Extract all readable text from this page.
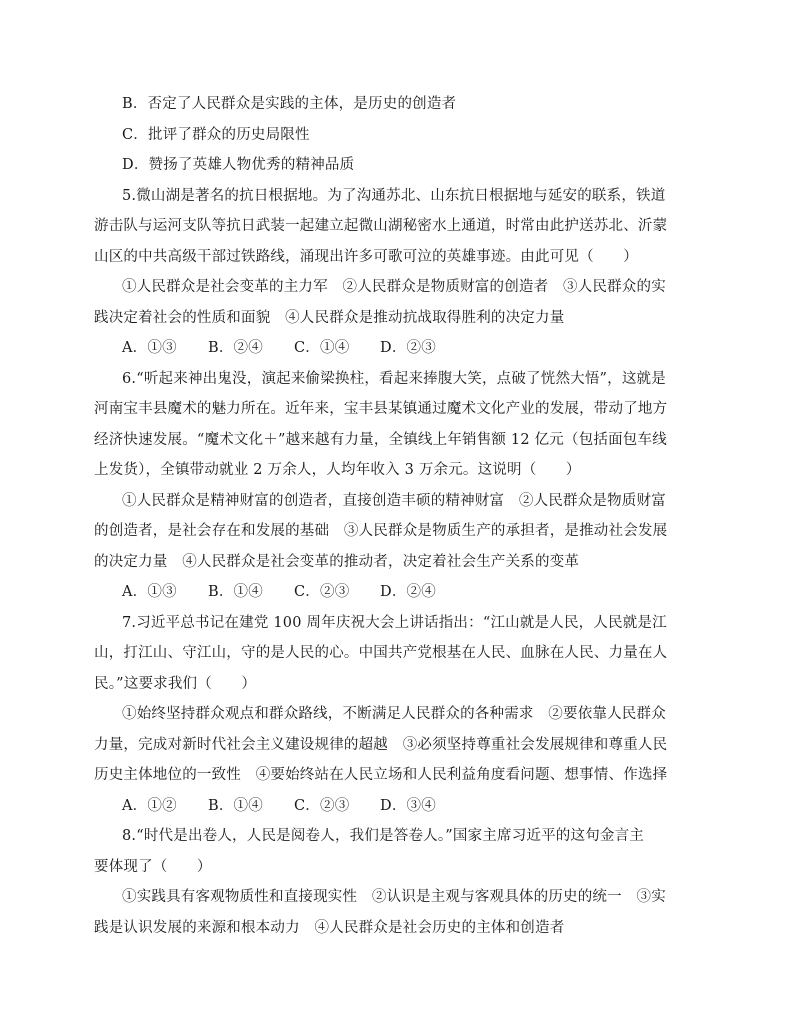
B．否定了人民群众是实践的主体，是历史的创造者
C．批评了群众的历史局限性
D．赞扬了英雄人物优秀的精神品质
5.微山湖是著名的抗日根据地。为了沟通苏北、山东抗日根据地与延安的联系，铁道
游击队与运河支队等抗日武装一起建立起微山湖秘密水上通道，时常由此护送苏北、沂蒙
山区的中共高级干部过铁路线，涌现出许多可歌可泣的英雄事迹。由此可见（　　）
①人民群众是社会变革的主力军　②人民群众是物质财富的创造者　③人民群众的实
践决定着社会的性质和面貌　④人民群众是推动抗战取得胜利的决定力量
A．①③	B．②④	C．①④	D．②③
6.“听起来神出鬼没，演起来偷梁换柱，看起来捧腹大笑，点破了恍然大悟”，这就是
河南宝丰县魔术的魅力所在。近年来，宝丰县某镇通过魔术文化产业的发展，带动了地方
经济快速发展。“魔术文化＋”越来越有力量，全镇线上年销售额 12 亿元（包括面包车线
上发货），全镇带动就业 2 万余人，人均年收入 3 万余元。这说明（　　）
①人民群众是精神财富的创造者，直接创造丰硕的精神财富　②人民群众是物质财富
的创造者，是社会存在和发展的基础　③人民群众是物质生产的承担者，是推动社会发展
的决定力量　④人民群众是社会变革的推动者，决定着社会生产关系的变革
A．①③	B．①④	C．②③	D．②④
7.习近平总书记在建党 100 周年庆祝大会上讲话指出：“江山就是人民，人民就是江
山，打江山、守江山，守的是人民的心。中国共产党根基在人民、血脉在人民、力量在人
民。”这要求我们（　　）
①始终坚持群众观点和群众路线，不断满足人民群众的各种需求　②要依靠人民群众
力量，完成对新时代社会主义建设规律的超越　③必须坚持尊重社会发展规律和尊重人民
历史主体地位的一致性　④要始终站在人民立场和人民利益角度看问题、想事情、作选择
A．①②	B．①④	C．②③	D．③④
8.“时代是出卷人，人民是阅卷人，我们是答卷人。”国家主席习近平的这句金言主
要体现了（　　）
①实践具有客观物质性和直接现实性　②认识是主观与客观具体的历史的统一　③实
践是认识发展的来源和根本动力　④人民群众是社会历史的主体和创造者
